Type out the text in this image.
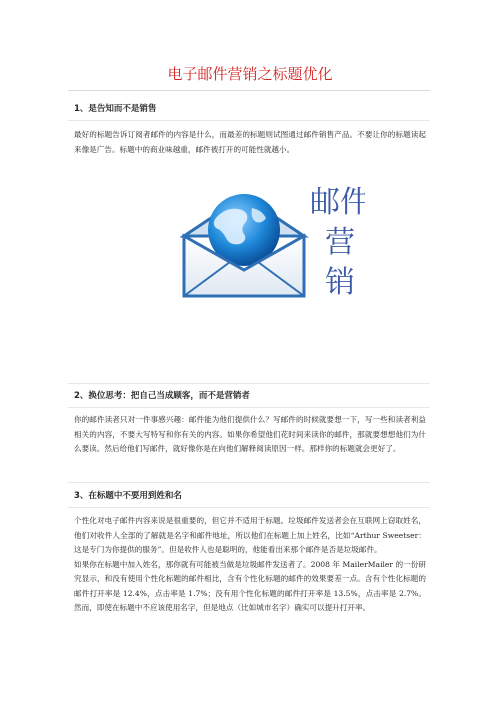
电子邮件营销之标题优化
1、是告知而不是销售

最好的标题告诉订阅者邮件的内容是什么，而最差的标题则试图通过邮件销售产品。不要让你的标题读起来像是广告。标题中的商业味越重，邮件被打开的可能性就越小。

邮件
营
销
2、换位思考：把自己当成顾客，而不是营销者

你的邮件读者只对一件事感兴趣：邮件能为他们提供什么？写邮件的时候就要想一下，写一些和读者利益相关的内容，不要大写特写和你有关的内容。如果你希望他们花时间来读你的邮件，那就要想想他们为什么要读。然后给他们写邮件，就好像你是在向他们解释阅读原因一样。那样你的标题就会更好了。

3、在标题中不要用到姓和名

个性化对电子邮件内容来说是很重要的，但它并不适用于标题。垃圾邮件发送者会在互联网上窃取姓名，他们对收件人全部的了解就是名字和邮件地址，所以他们在标题上加上姓名，比如“Arthur Sweetser：这是专门为你提供的服务”。但是收件人也是聪明的，他能看出来那个邮件是否是垃圾邮件。

如果你在标题中加入姓名，那你就有可能被当做是垃圾邮件发送者了。2008 年 MailerMailer 的一份研究显示，和没有使用个性化标题的邮件相比，含有个性化标题的邮件的效果要差一点。含有个性化标题的邮件打开率是 12.4%，点击率是 1.7%；没有用个性化标题的邮件打开率是 13.5%，点击率是 2.7%。然而，即使在标题中不应该使用名字，但是地点（比如城市名字）确实可以提升打开率。
